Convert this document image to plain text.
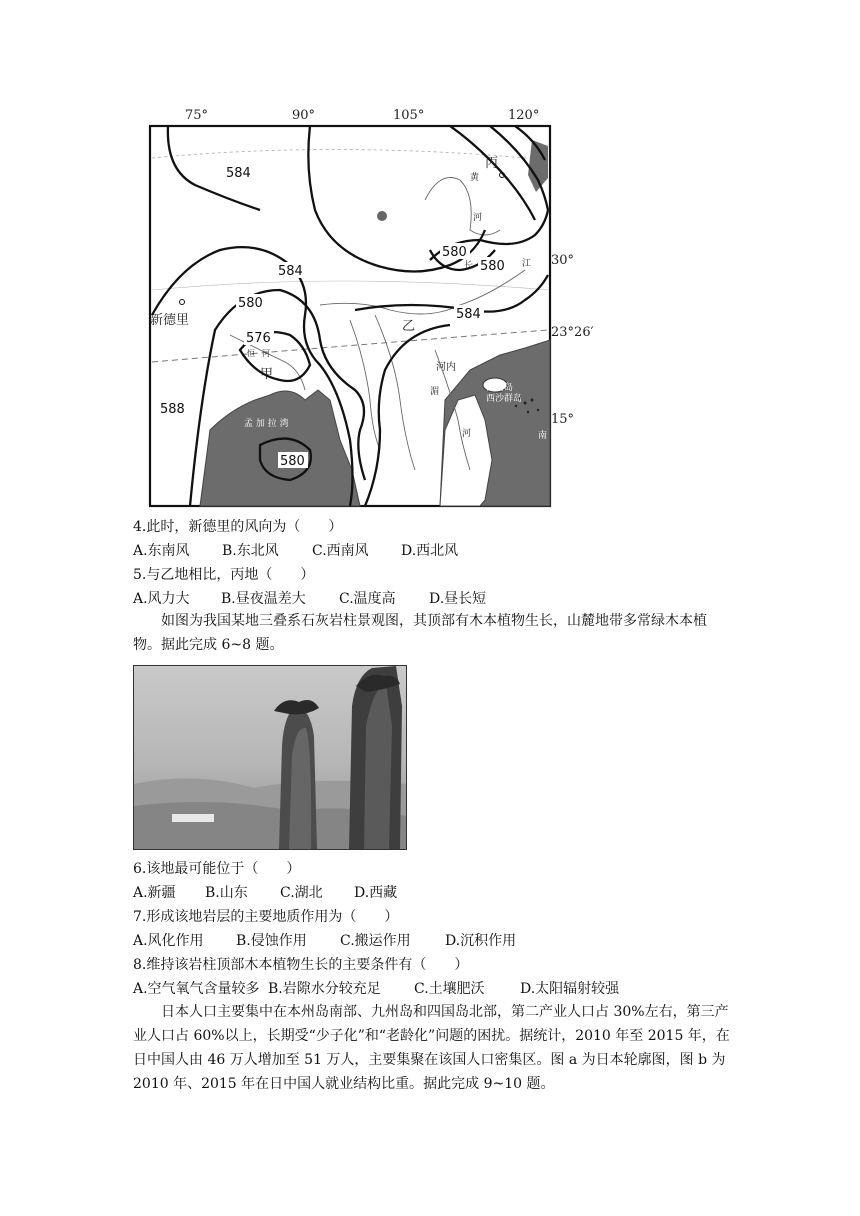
75°	90°	105°	120°
584
584
580
576
580
588
580
580
584
30°
23°26′
15°
新德里
甲
乙
丙
孟 加 拉 湾
海南岛
西沙群岛
黄
河
长	江
恒 河
湄
河
河内
南
4.此时，新德里的风向为（　　）
A.东南风 B.东北风 C.西南风 D.西北风
5.与乙地相比，丙地（　　）
A.风力大 B.昼夜温差大 C.温度高 D.昼长短
如图为我国某地三叠系石灰岩柱景观图，其顶部有木本植物生长，山麓地带多常绿木本植物。据此完成 6~8 题。
6.该地最可能位于（　　）
A.新疆 B.山东 C.湖北 D.西藏
7.形成该地岩层的主要地质作用为（　　）
A.风化作用 B.侵蚀作用 C.搬运作用 D.沉积作用
8.维持该岩柱顶部木本植物生长的主要条件有（　　）
A.空气氧气含量较多 B.岩隙水分较充足 C.土壤肥沃	D.太阳辐射较强
日本人口主要集中在本州岛南部、九州岛和四国岛北部，第二产业人口占 30%左右，第三产业人口占 60%以上，长期受“少子化”和“老龄化”问题的困扰。据统计，2010 年至 2015 年，在日中国人由 46 万人增加至 51 万人，主要集聚在该国人口密集区。图 a 为日本轮廓图，图 b 为 2010 年、2015 年在日中国人就业结构比重。据此完成 9~10 题。
